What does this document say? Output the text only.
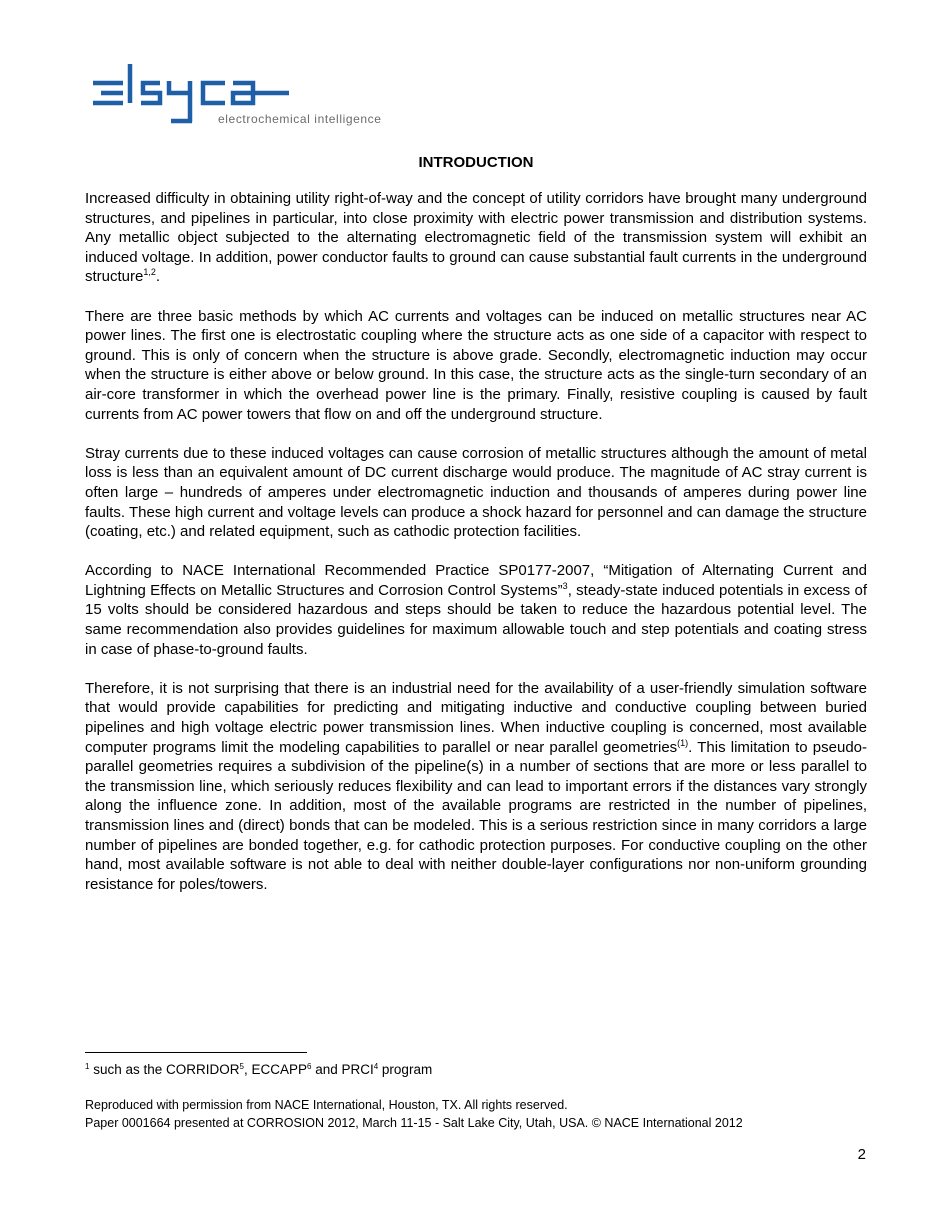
electrochemical intelligence
INTRODUCTION

Increased difficulty in obtaining utility right-of-way and the concept of utility corridors have brought many underground structures, and pipelines in particular, into close proximity with electric power transmission and distribution systems. Any metallic object subjected to the alternating electromagnetic field of the transmission system will exhibit an induced voltage. In addition, power conductor faults to ground can cause substantial fault currents in the underground structure$^{1,2}$.

There are three basic methods by which AC currents and voltages can be induced on metallic structures near AC power lines. The first one is electrostatic coupling where the structure acts as one side of a capacitor with respect to ground. This is only of concern when the structure is above grade. Secondly, electromagnetic induction may occur when the structure is either above or below ground. In this case, the structure acts as the single-turn secondary of an air-core transformer in which the overhead power line is the primary. Finally, resistive coupling is caused by fault currents from AC power towers that flow on and off the underground structure.

Stray currents due to these induced voltages can cause corrosion of metallic structures although the amount of metal loss is less than an equivalent amount of DC current discharge would produce. The magnitude of AC stray current is often large – hundreds of amperes under electromagnetic induction and thousands of amperes during power line faults. These high current and voltage levels can produce a shock hazard for personnel and can damage the structure (coating, etc.) and related equipment, such as cathodic protection facilities.

According to NACE International Recommended Practice SP0177-2007, “Mitigation of Alternating Current and Lightning Effects on Metallic Structures and Corrosion Control Systems”$^3$, steady-state induced potentials in excess of 15 volts should be considered hazardous and steps should be taken to reduce the hazardous potential level. The same recommendation also provides guidelines for maximum allowable touch and step potentials and coating stress in case of phase-to-ground faults.

Therefore, it is not surprising that there is an industrial need for the availability of a user-friendly simulation software that would provide capabilities for predicting and mitigating inductive and conductive coupling between buried pipelines and high voltage electric power transmission lines. When inductive coupling is concerned, most available computer programs limit the modeling capabilities to parallel or near parallel geometries$^{(1)}$. This limitation to pseudo-parallel geometries requires a subdivision of the pipeline(s) in a number of sections that are more or less parallel to the transmission line, which seriously reduces flexibility and can lead to important errors if the distances vary strongly along the influence zone. In addition, most of the available programs are restricted in the number of pipelines, transmission lines and (direct) bonds that can be modeled. This is a serious restriction since in many corridors a large number of pipelines are bonded together, e.g. for cathodic protection purposes. For conductive coupling on the other hand, most available software is not able to deal with neither double-layer configurations nor non-uniform grounding resistance for poles/towers.

$^1$ such as the CORRIDOR$^5$, ECCAPP$^6$ and PRCI$^4$ program
Reproduced with permission from NACE International, Houston, TX. All rights reserved.
Paper 0001664 presented at CORROSION 2012, March 11-15 - Salt Lake City, Utah, USA. © NACE International 2012
2
